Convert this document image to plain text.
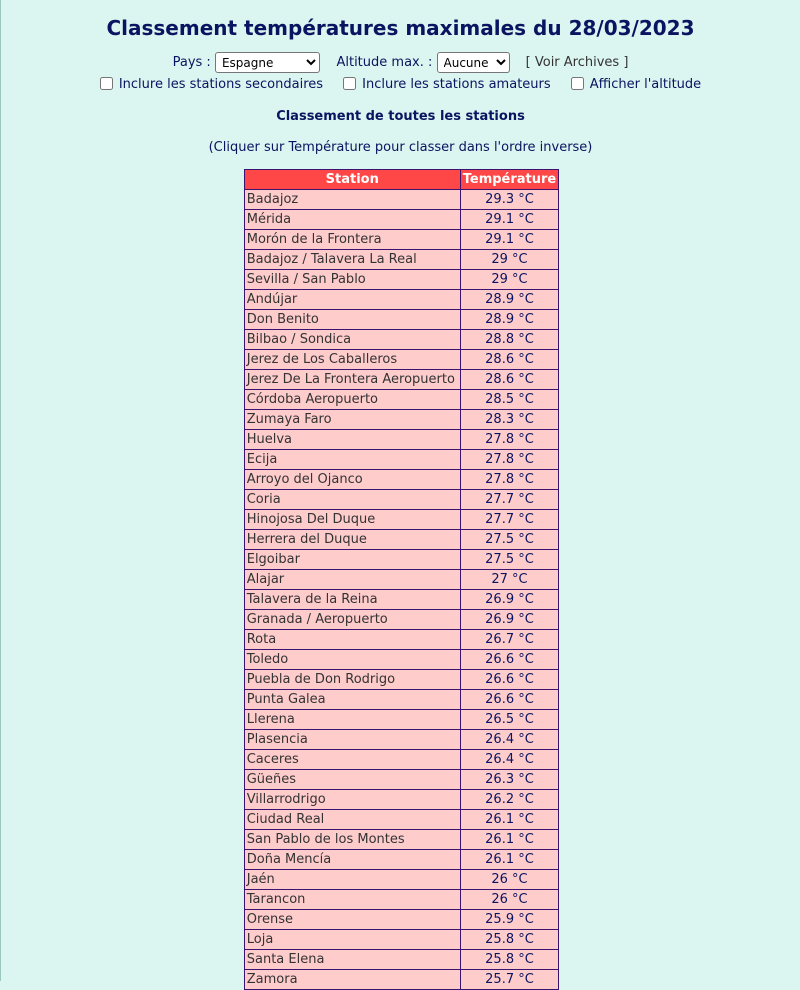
Classement températures maximales du 28/03/2023
Pays :
Espagne	Altitude max. :
Aucune	[ Voir Archives ]
Inclure les stations secondaires	Inclure les stations amateurs	Afficher l'altitude
Classement de toutes les stations
(Cliquer sur Température pour classer dans l'ordre inverse)
Station	Température
Badajoz	29.3 °C
Mérida	29.1 °C
Morón de la Frontera	29.1 °C
Badajoz / Talavera La Real	29 °C
Sevilla / San Pablo	29 °C
Andújar	28.9 °C
Don Benito	28.9 °C
Bilbao / Sondica	28.8 °C
Jerez de Los Caballeros	28.6 °C
Jerez De La Frontera Aeropuerto	28.6 °C
Córdoba Aeropuerto	28.5 °C
Zumaya Faro	28.3 °C
Huelva	27.8 °C
Ecija	27.8 °C
Arroyo del Ojanco	27.8 °C
Coria	27.7 °C
Hinojosa Del Duque	27.7 °C
Herrera del Duque	27.5 °C
Elgoibar	27.5 °C
Alajar	27 °C
Talavera de la Reina	26.9 °C
Granada / Aeropuerto	26.9 °C
Rota	26.7 °C
Toledo	26.6 °C
Puebla de Don Rodrigo	26.6 °C
Punta Galea	26.6 °C
Llerena	26.5 °C
Plasencia	26.4 °C
Caceres	26.4 °C
Güeñes	26.3 °C
Villarrodrigo	26.2 °C
Ciudad Real	26.1 °C
San Pablo de los Montes	26.1 °C
Doña Mencía	26.1 °C
Jaén	26 °C
Tarancon	26 °C
Orense	25.9 °C
Loja	25.8 °C
Santa Elena	25.8 °C
Zamora	25.7 °C
